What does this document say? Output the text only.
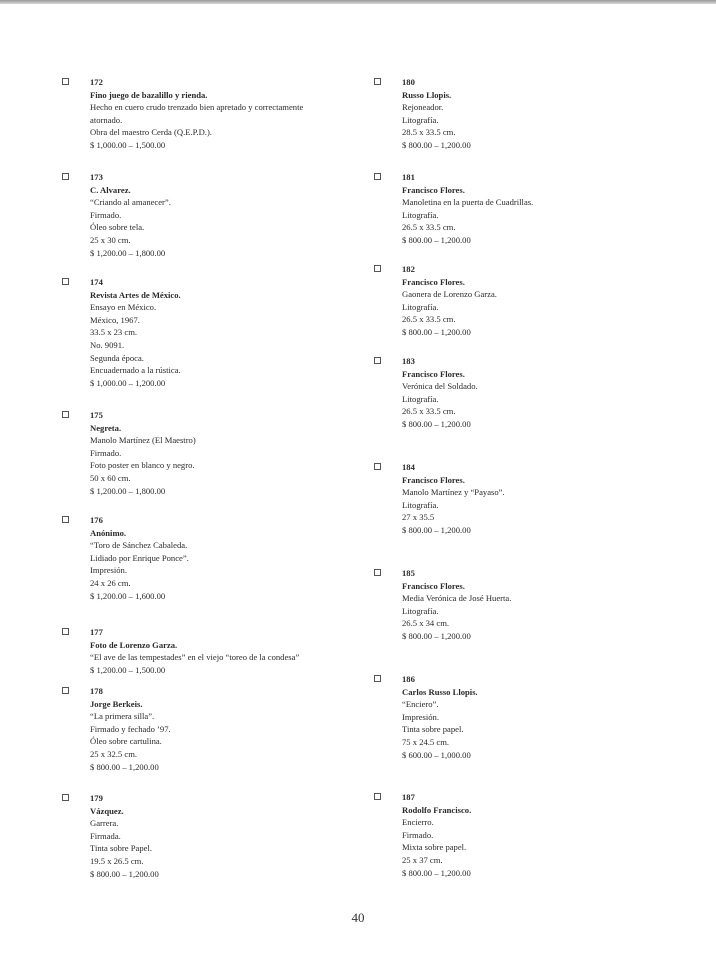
172
Fino juego de bazalillo y rienda.
Hecho en cuero crudo trenzado bien apretado y correctamente
atornado.
Obra del maestro Cerda (Q.E.P.D.).
$ 1,000.00 – 1,500.00
173
C. Alvarez.
“Criando al amanecer”.
Firmado.
Óleo sobre tela.
25 x 30 cm.
$ 1,200.00 – 1,800.00
174
Revista Artes de México.
Ensayo en México.
México, 1967.
33.5 x 23 cm.
No. 9091.
Segunda época.
Encuadernado a la rústica.
$ 1,000.00 – 1,200.00
175
Negreta.
Manolo Martínez (El Maestro)
Firmado.
Foto poster en blanco y negro.
50 x 60 cm.
$ 1,200.00 – 1,800.00
176
Anónimo.
“Toro de Sánchez Cabaleda.
Lidiado por Enrique Ponce”.
Impresión.
24 x 26 cm.
$ 1,200.00 – 1,600.00
177
Foto de Lorenzo Garza.
“El ave de las tempestades” en el viejo “toreo de la condesa”
$ 1,200.00 – 1,500.00
178
Jorge Berkeis.
“La primera silla”.
Firmado y fechado ’97.
Óleo sobre cartulina.
25 x 32.5 cm.
$ 800.00 – 1,200.00
179
Vázquez.
Garrera.
Firmada.
Tinta sobre Papel.
19.5 x 26.5 cm.
$ 800.00 – 1,200.00
180
Russo Llopis.
Rejoneador.
Litografía.
28.5 x 33.5 cm.
$ 800.00 – 1,200.00
181
Francisco Flores.
Manoletina en la puerta de Cuadrillas.
Litografía.
26.5 x 33.5 cm.
$ 800.00 – 1,200.00
182
Francisco Flores.
Gaonera de Lorenzo Garza.
Litografía.
26.5 x 33.5 cm.
$ 800.00 – 1,200.00
183
Francisco Flores.
Verónica del Soldado.
Litografía.
26.5 x 33.5 cm.
$ 800.00 – 1,200.00
184
Francisco Flores.
Manolo Martínez y “Payaso”.
Litografía.
27 x 35.5
$ 800.00 – 1,200.00
185
Francisco Flores.
Media Verónica de José Huerta.
Litografía.
26.5 x 34 cm.
$ 800.00 – 1,200.00
186
Carlos Russo Llopis.
“Enciero”.
Impresión.
Tinta sobre papel.
75 x 24.5 cm.
$ 600.00 – 1,000.00
187
Rodolfo Francisco.
Encierro.
Firmado.
Mixta sobre papel.
25 x 37 cm.
$ 800.00 – 1,200.00
40
